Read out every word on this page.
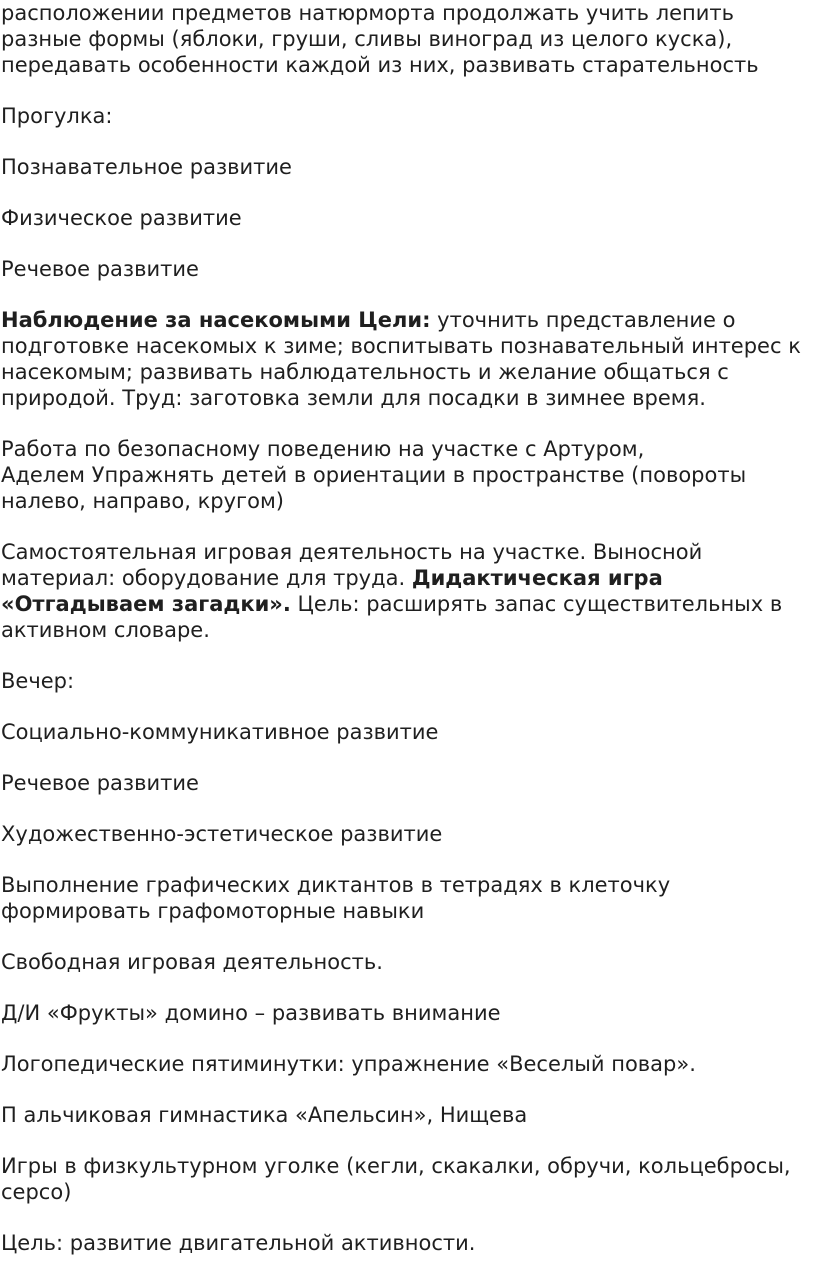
расположении предметов натюрморта продолжать учить лепить разные формы (яблоки, груши, сливы виноград из целого куска), передавать особенности каждой из них, развивать старательность

Прогулка:

Познавательное развитие

Физическое развитие

Речевое развитие

Наблюдение за насекомыми Цели: уточнить представление о подготовке насекомых к зиме; воспитывать познавательный интерес к насекомым; развивать наблюдательность и желание общаться с природой. Труд: заготовка земли для посадки в зимнее время.

Работа по безопасному поведению на участке с Артуром,
Аделем Упражнять детей в ориентации в пространстве (повороты налево, направо, кругом)

Самостоятельная игровая деятельность на участке. Выносной материал: оборудование для труда. Дидактическая игра «Отгадываем загадки». Цель: расширять запас существительных в активном словаре.

Вечер:

Социально-коммуникативное развитие

Речевое развитие

Художественно-эстетическое развитие

Выполнение графических диктантов в тетрадях в клеточку формировать графомоторные навыки

Свободная игровая деятельность.

Д/И «Фрукты» домино – развивать внимание

Логопедические пятиминутки: упражнение «Веселый повар».

П альчиковая гимнастика «Апельсин», Нищева

Игры в физкультурном уголке (кегли, скакалки, обручи, кольцебросы, серсо)

Цель: развитие двигательной активности.
